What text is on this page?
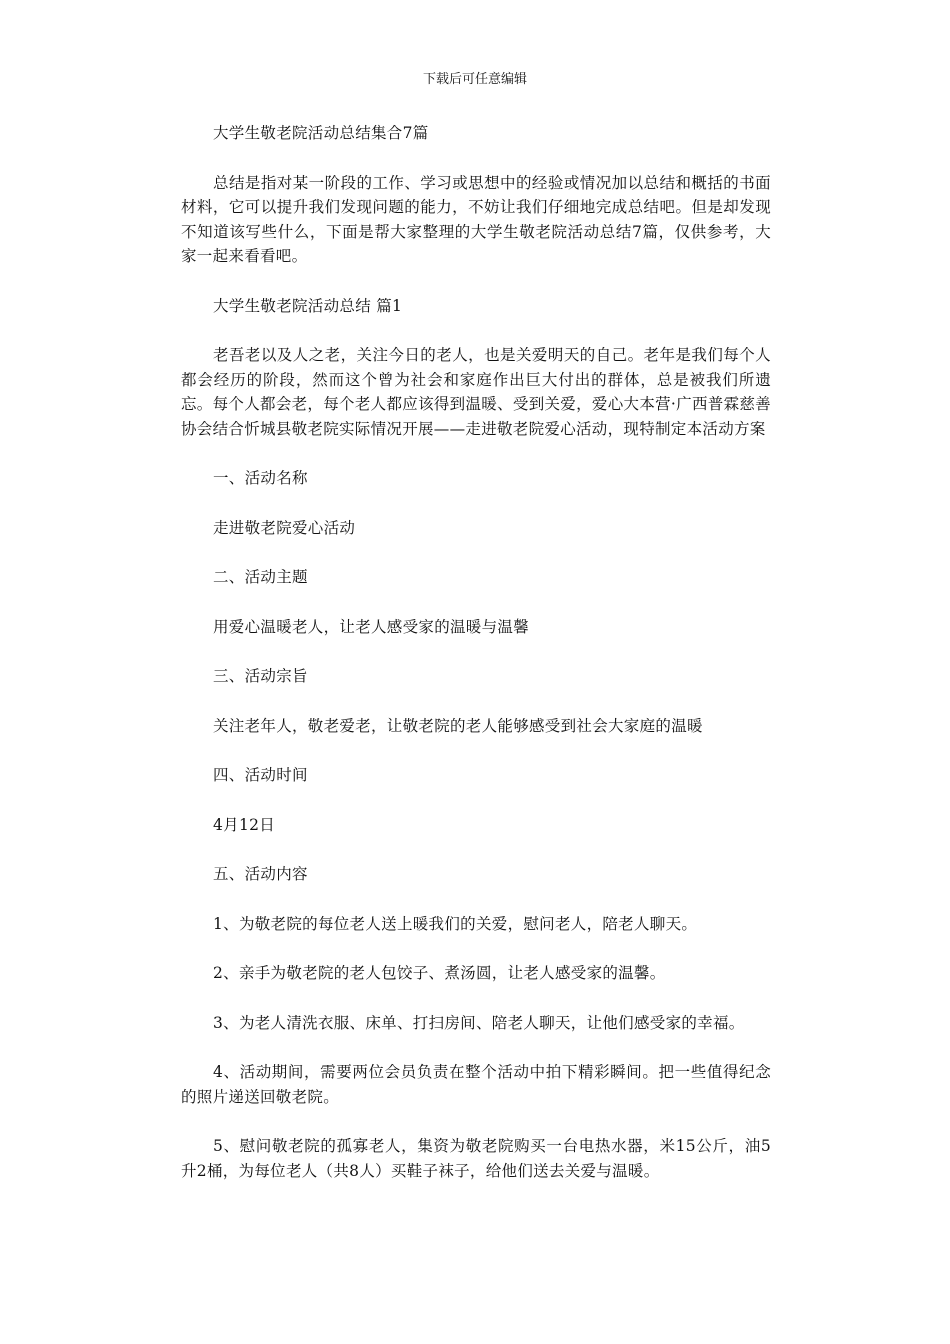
下载后可任意编辑

大学生敬老院活动总结集合7篇

总结是指对某一阶段的工作、学习或思想中的经验或情况加以总结和概括的书面材料，它可以提升我们发现问题的能力，不妨让我们仔细地完成总结吧。但是却发现不知道该写些什么，下面是帮大家整理的大学生敬老院活动总结7篇，仅供参考，大家一起来看看吧。

大学生敬老院活动总结 篇1

老吾老以及人之老，关注今日的老人，也是关爱明天的自己。老年是我们每个人都会经历的阶段，然而这个曾为社会和家庭作出巨大付出的群体，总是被我们所遗忘。每个人都会老，每个老人都应该得到温暖、受到关爱，爱心大本营·广西普霖慈善协会结合忻城县敬老院实际情况开展——走进敬老院爱心活动，现特制定本活动方案

一、活动名称

走进敬老院爱心活动

二、活动主题

用爱心温暖老人，让老人感受家的温暖与温馨

三、活动宗旨

关注老年人，敬老爱老，让敬老院的老人能够感受到社会大家庭的温暖

四、活动时间

4月12日

五、活动内容

1、为敬老院的每位老人送上暖我们的关爱，慰问老人，陪老人聊天。

2、亲手为敬老院的老人包饺子、煮汤圆，让老人感受家的温馨。

3、为老人清洗衣服、床单、打扫房间、陪老人聊天，让他们感受家的幸福。

4、活动期间，需要两位会员负责在整个活动中拍下精彩瞬间。把一些值得纪念的照片递送回敬老院。

5、慰问敬老院的孤寡老人，集资为敬老院购买一台电热水器，米15公斤，油5升2桶，为每位老人（共8人）买鞋子袜子，给他们送去关爱与温暖。
